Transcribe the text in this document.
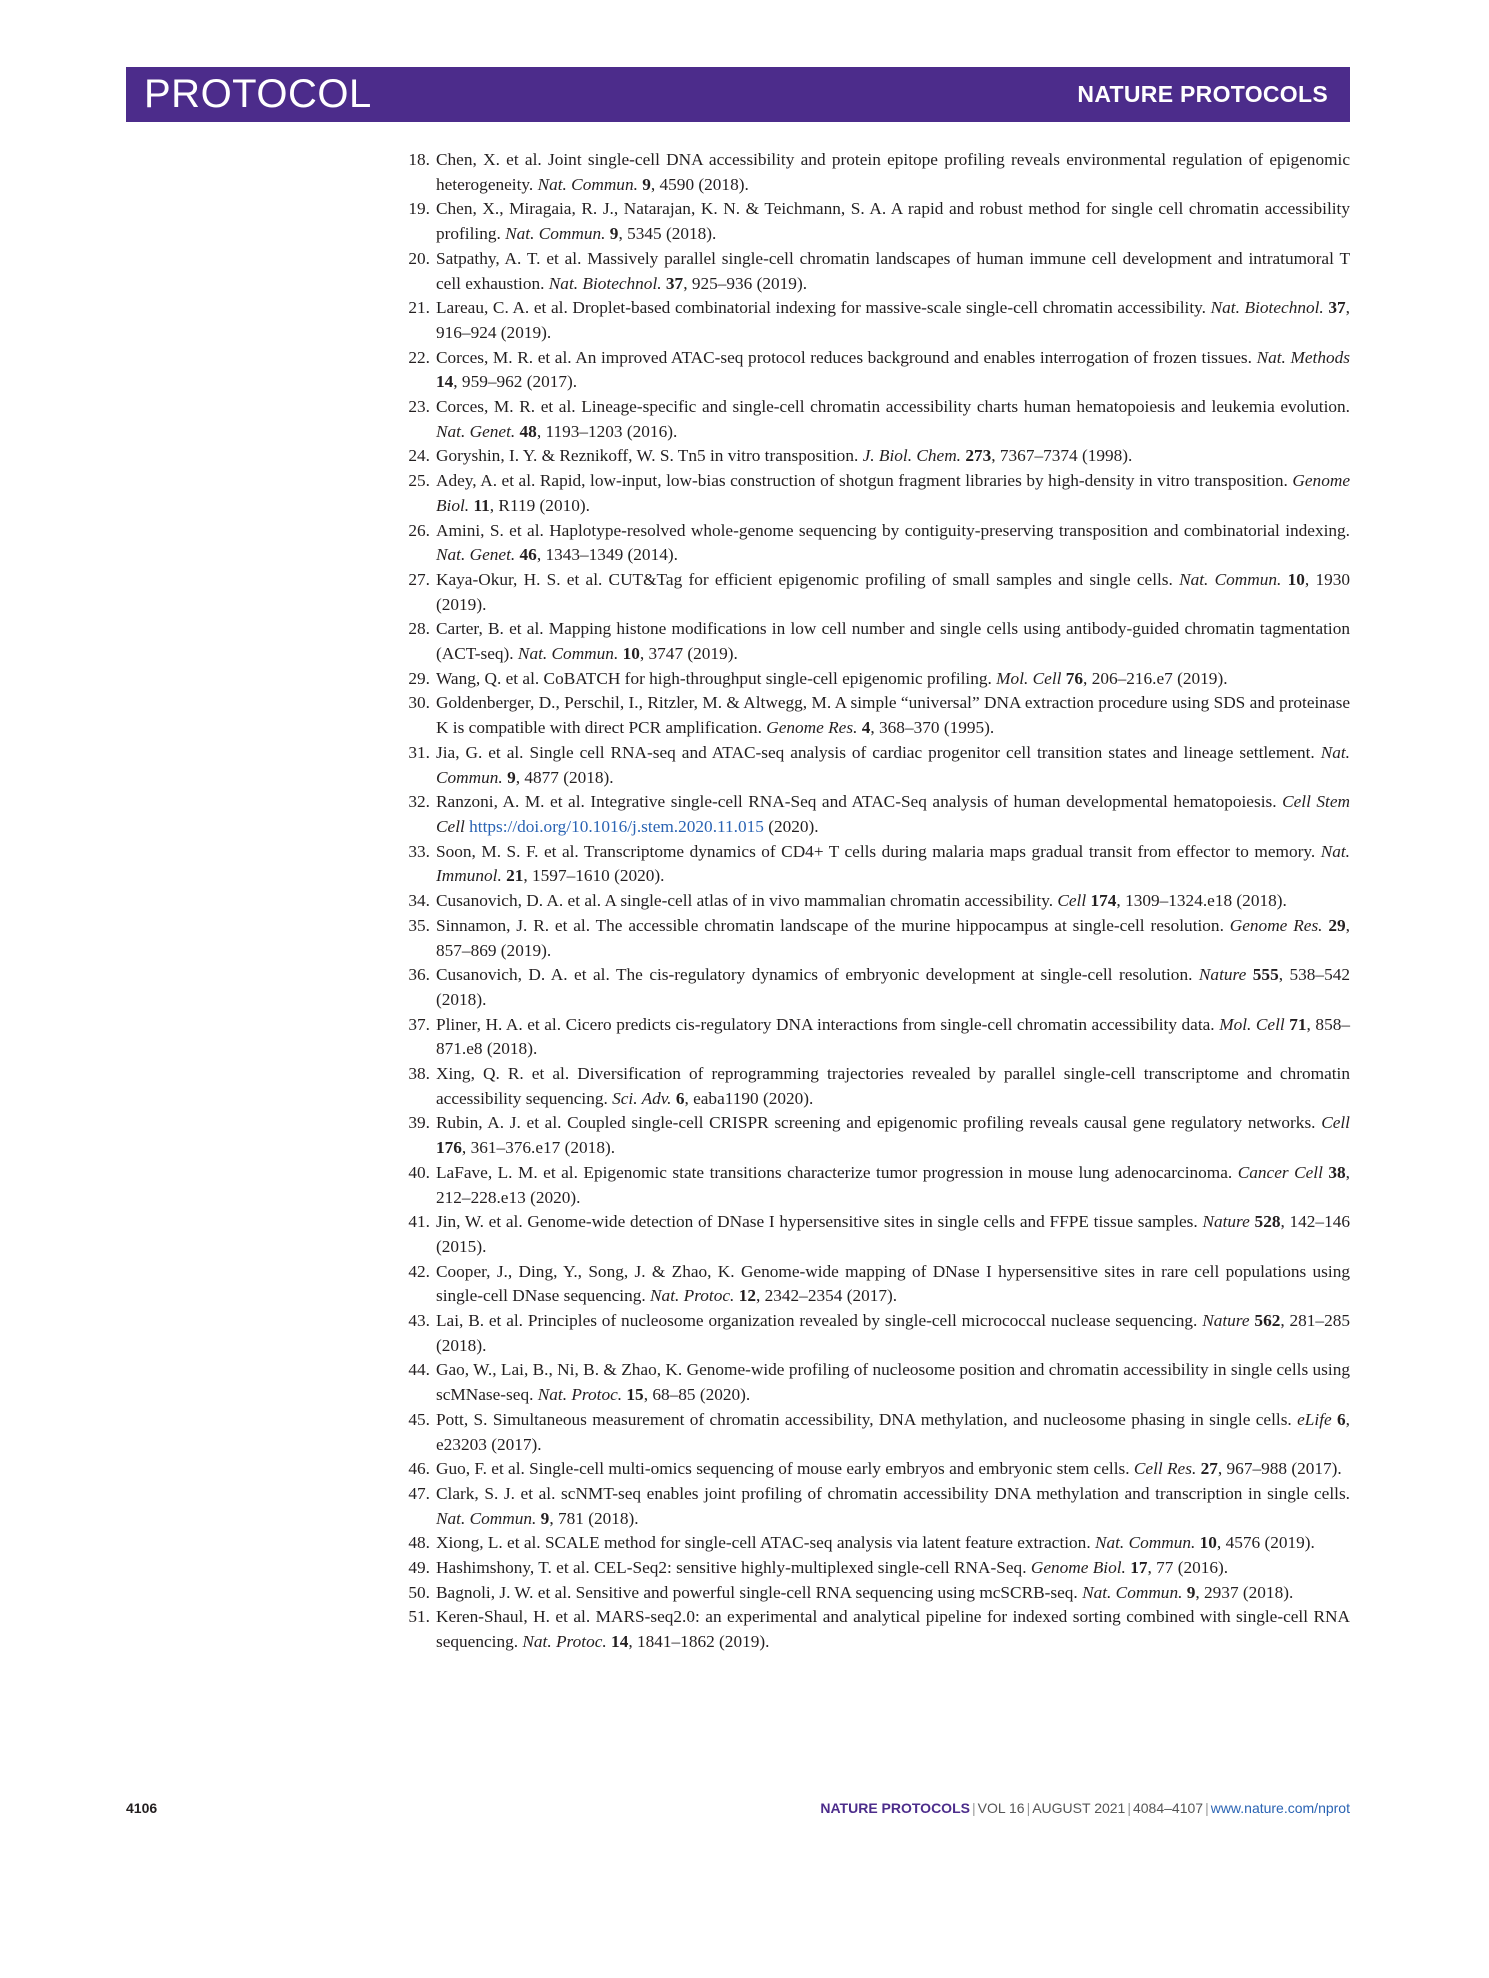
PROTOCOL	NATURE PROTOCOLS
18. Chen, X. et al. Joint single-cell DNA accessibility and protein epitope profiling reveals environmental regulation of epigenomic heterogeneity. Nat. Commun. 9, 4590 (2018).
19. Chen, X., Miragaia, R. J., Natarajan, K. N. & Teichmann, S. A. A rapid and robust method for single cell chromatin accessibility profiling. Nat. Commun. 9, 5345 (2018).
20. Satpathy, A. T. et al. Massively parallel single-cell chromatin landscapes of human immune cell development and intratumoral T cell exhaustion. Nat. Biotechnol. 37, 925–936 (2019).
21. Lareau, C. A. et al. Droplet-based combinatorial indexing for massive-scale single-cell chromatin accessibility. Nat. Biotechnol. 37, 916–924 (2019).
22. Corces, M. R. et al. An improved ATAC-seq protocol reduces background and enables interrogation of frozen tissues. Nat. Methods 14, 959–962 (2017).
23. Corces, M. R. et al. Lineage-specific and single-cell chromatin accessibility charts human hematopoiesis and leukemia evolution. Nat. Genet. 48, 1193–1203 (2016).
24. Goryshin, I. Y. & Reznikoff, W. S. Tn5 in vitro transposition. J. Biol. Chem. 273, 7367–7374 (1998).
25. Adey, A. et al. Rapid, low-input, low-bias construction of shotgun fragment libraries by high-density in vitro transposition. Genome Biol. 11, R119 (2010).
26. Amini, S. et al. Haplotype-resolved whole-genome sequencing by contiguity-preserving transposition and combinatorial indexing. Nat. Genet. 46, 1343–1349 (2014).
27. Kaya-Okur, H. S. et al. CUT&Tag for efficient epigenomic profiling of small samples and single cells. Nat. Commun. 10, 1930 (2019).
28. Carter, B. et al. Mapping histone modifications in low cell number and single cells using antibody-guided chromatin tagmentation (ACT-seq). Nat. Commun. 10, 3747 (2019).
29. Wang, Q. et al. CoBATCH for high-throughput single-cell epigenomic profiling. Mol. Cell 76, 206–216.e7 (2019).
30. Goldenberger, D., Perschil, I., Ritzler, M. & Altwegg, M. A simple “universal” DNA extraction procedure using SDS and proteinase K is compatible with direct PCR amplification. Genome Res. 4, 368–370 (1995).
31. Jia, G. et al. Single cell RNA-seq and ATAC-seq analysis of cardiac progenitor cell transition states and lineage settlement. Nat. Commun. 9, 4877 (2018).
32. Ranzoni, A. M. et al. Integrative single-cell RNA-Seq and ATAC-Seq analysis of human developmental hematopoiesis. Cell Stem Cell https://doi.org/10.1016/j.stem.2020.11.015 (2020).
33. Soon, M. S. F. et al. Transcriptome dynamics of CD4+ T cells during malaria maps gradual transit from effector to memory. Nat. Immunol. 21, 1597–1610 (2020).
34. Cusanovich, D. A. et al. A single-cell atlas of in vivo mammalian chromatin accessibility. Cell 174, 1309–1324.e18 (2018).
35. Sinnamon, J. R. et al. The accessible chromatin landscape of the murine hippocampus at single-cell resolution. Genome Res. 29, 857–869 (2019).
36. Cusanovich, D. A. et al. The cis-regulatory dynamics of embryonic development at single-cell resolution. Nature 555, 538–542 (2018).
37. Pliner, H. A. et al. Cicero predicts cis-regulatory DNA interactions from single-cell chromatin accessibility data. Mol. Cell 71, 858–871.e8 (2018).
38. Xing, Q. R. et al. Diversification of reprogramming trajectories revealed by parallel single-cell transcriptome and chromatin accessibility sequencing. Sci. Adv. 6, eaba1190 (2020).
39. Rubin, A. J. et al. Coupled single-cell CRISPR screening and epigenomic profiling reveals causal gene regulatory networks. Cell 176, 361–376.e17 (2018).
40. LaFave, L. M. et al. Epigenomic state transitions characterize tumor progression in mouse lung adenocarcinoma. Cancer Cell 38, 212–228.e13 (2020).
41. Jin, W. et al. Genome-wide detection of DNase I hypersensitive sites in single cells and FFPE tissue samples. Nature 528, 142–146 (2015).
42. Cooper, J., Ding, Y., Song, J. & Zhao, K. Genome-wide mapping of DNase I hypersensitive sites in rare cell populations using single-cell DNase sequencing. Nat. Protoc. 12, 2342–2354 (2017).
43. Lai, B. et al. Principles of nucleosome organization revealed by single-cell micrococcal nuclease sequencing. Nature 562, 281–285 (2018).
44. Gao, W., Lai, B., Ni, B. & Zhao, K. Genome-wide profiling of nucleosome position and chromatin accessibility in single cells using scMNase-seq. Nat. Protoc. 15, 68–85 (2020).
45. Pott, S. Simultaneous measurement of chromatin accessibility, DNA methylation, and nucleosome phasing in single cells. eLife 6, e23203 (2017).
46. Guo, F. et al. Single-cell multi-omics sequencing of mouse early embryos and embryonic stem cells. Cell Res. 27, 967–988 (2017).
47. Clark, S. J. et al. scNMT-seq enables joint profiling of chromatin accessibility DNA methylation and transcription in single cells. Nat. Commun. 9, 781 (2018).
48. Xiong, L. et al. SCALE method for single-cell ATAC-seq analysis via latent feature extraction. Nat. Commun. 10, 4576 (2019).
49. Hashimshony, T. et al. CEL-Seq2: sensitive highly-multiplexed single-cell RNA-Seq. Genome Biol. 17, 77 (2016).
50. Bagnoli, J. W. et al. Sensitive and powerful single-cell RNA sequencing using mcSCRB-seq. Nat. Commun. 9, 2937 (2018).
51. Keren-Shaul, H. et al. MARS-seq2.0: an experimental and analytical pipeline for indexed sorting combined with single-cell RNA sequencing. Nat. Protoc. 14, 1841–1862 (2019).
4106	NATURE PROTOCOLS | VOL 16 | AUGUST 2021 | 4084–4107 | www.nature.com/nprot
